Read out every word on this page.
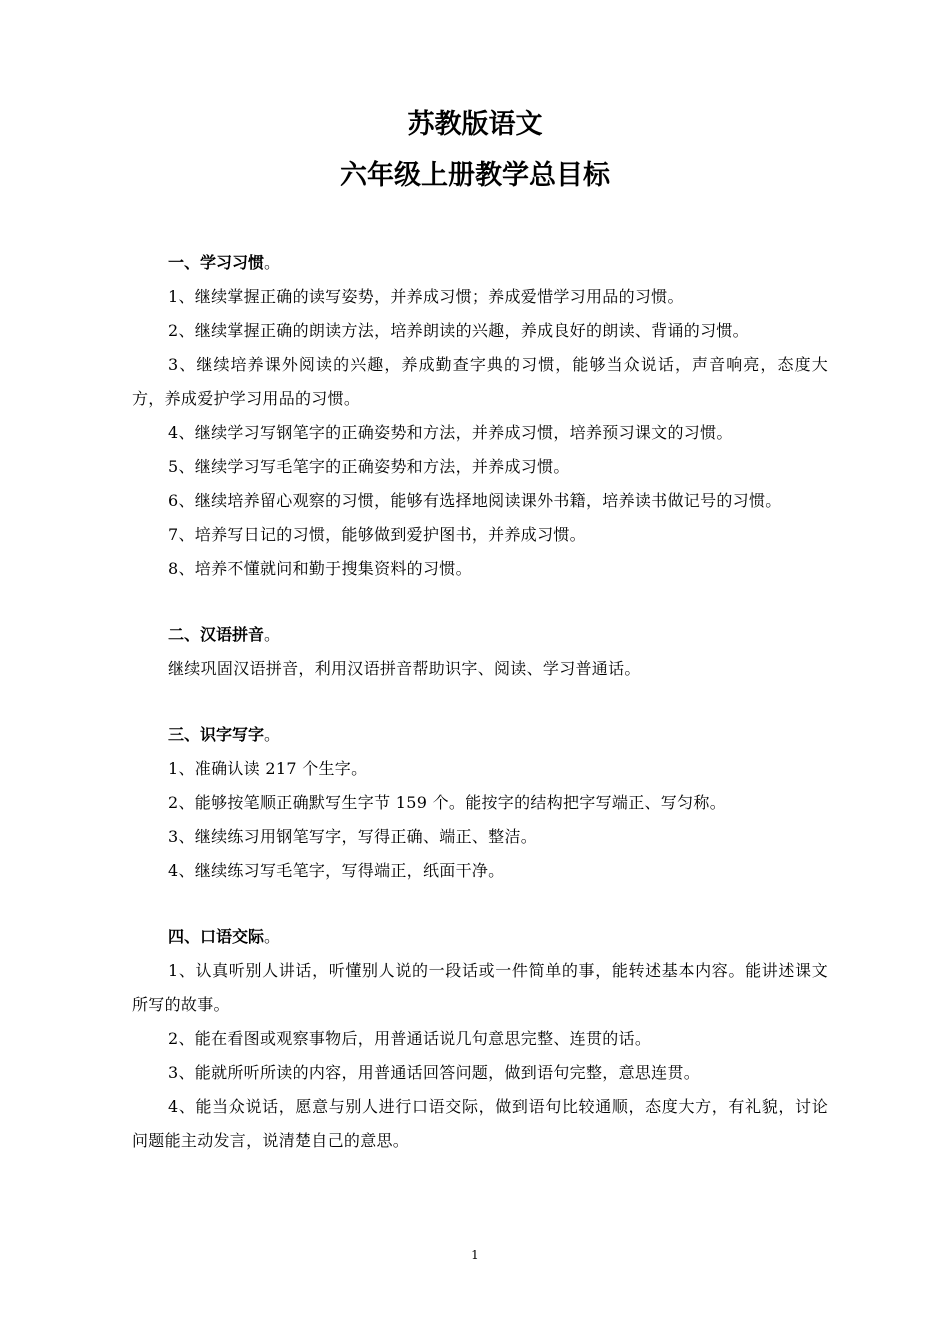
苏教版语文
六年级上册教学总目标
一、学习习惯。
1、继续掌握正确的读写姿势，并养成习惯；养成爱惜学习用品的习惯。
2、继续掌握正确的朗读方法，培养朗读的兴趣，养成良好的朗读、背诵的习惯。
3、继续培养课外阅读的兴趣，养成勤查字典的习惯，能够当众说话，声音响亮，态度大方，养成爱护学习用品的习惯。
4、继续学习写钢笔字的正确姿势和方法，并养成习惯，培养预习课文的习惯。
5、继续学习写毛笔字的正确姿势和方法，并养成习惯。
6、继续培养留心观察的习惯，能够有选择地阅读课外书籍，培养读书做记号的习惯。
7、培养写日记的习惯，能够做到爱护图书，并养成习惯。
8、培养不懂就问和勤于搜集资料的习惯。
二、汉语拼音。
继续巩固汉语拼音，利用汉语拼音帮助识字、阅读、学习普通话。
三、识字写字。
1、准确认读 217 个生字。
2、能够按笔顺正确默写生字节 159 个。能按字的结构把字写端正、写匀称。
3、继续练习用钢笔写字，写得正确、端正、整洁。
4、继续练习写毛笔字，写得端正，纸面干净。
四、口语交际。
1、认真听别人讲话，听懂别人说的一段话或一件简单的事，能转述基本内容。能讲述课文所写的故事。
2、能在看图或观察事物后，用普通话说几句意思完整、连贯的话。
3、能就所听所读的内容，用普通话回答问题，做到语句完整，意思连贯。
4、能当众说话，愿意与别人进行口语交际，做到语句比较通顺，态度大方，有礼貌，讨论问题能主动发言，说清楚自己的意思。
1
